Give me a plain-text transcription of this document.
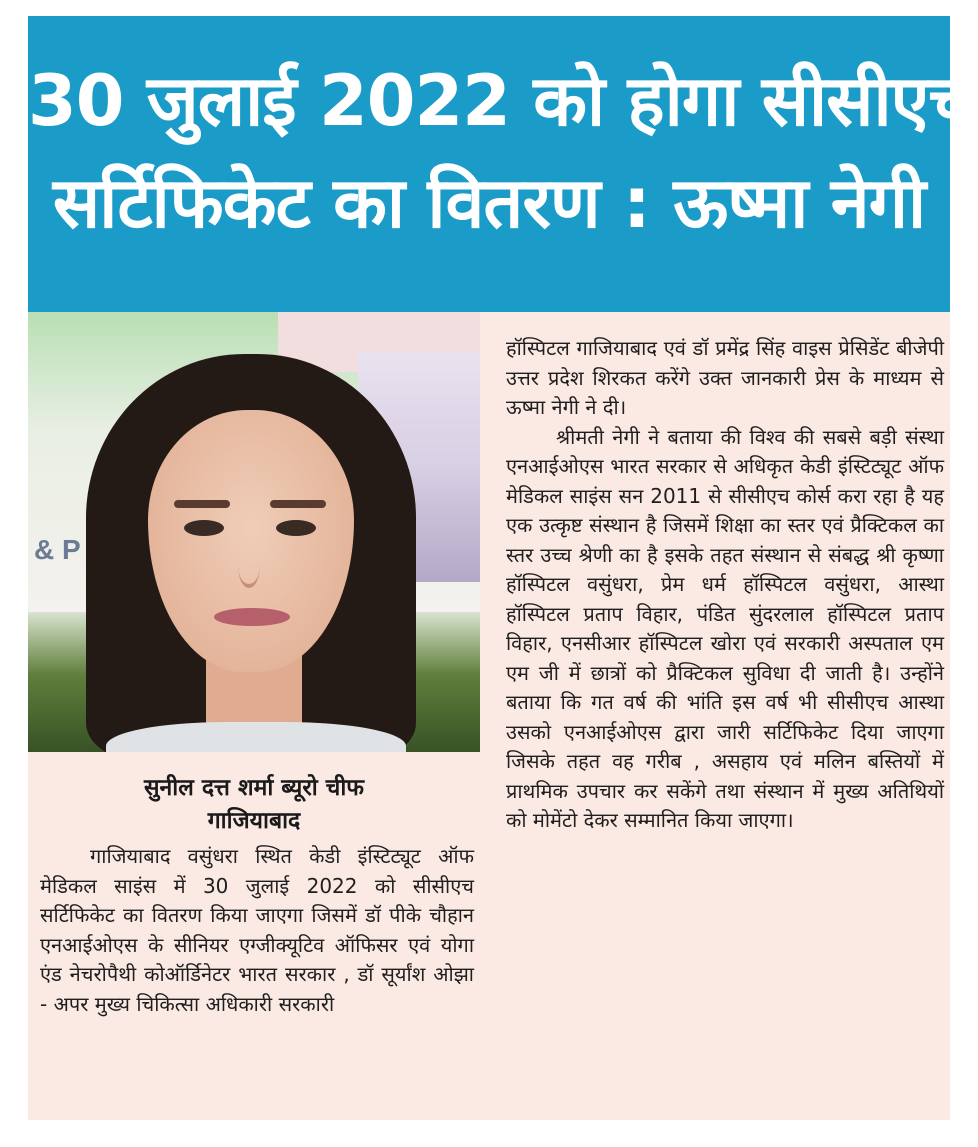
30 जुलाई 2022 को होगा सीसीएच
सर्टिफिकेट का वितरण : ऊष्मा नेगी
& P
सुनील दत्त शर्मा ब्यूरो चीफ
गाजियाबाद

गाजियाबाद वसुंधरा स्थित केडी इंस्टिट्यूट ऑफ मेडिकल साइंस में 30 जुलाई 2022 को सीसीएच सर्टिफिकेट का वितरण किया जाएगा जिसमें डॉ पीके चौहान एनआईओएस के सीनियर एग्जीक्यूटिव ऑफिसर एवं योगा एंड नेचरोपैथी कोऑर्डिनेटर भारत सरकार , डॉ सूर्यांश ओझा - अपर मुख्य चिकित्सा अधिकारी सरकारी

हॉस्पिटल गाजियाबाद एवं डॉ प्रमेंद्र सिंह वाइस प्रेसिडेंट बीजेपी उत्तर प्रदेश शिरकत करेंगे उक्त जानकारी प्रेस के माध्यम से ऊष्मा नेगी ने दी।

श्रीमती नेगी ने बताया की विश्व की सबसे बड़ी संस्था एनआईओएस भारत सरकार से अधिकृत केडी इंस्टिट्यूट ऑफ मेडिकल साइंस सन 2011 से सीसीएच कोर्स करा रहा है यह एक उत्कृष्ट संस्थान है जिसमें शिक्षा का स्तर एवं प्रैक्टिकल का स्तर उच्च श्रेणी का है इसके तहत संस्थान से संबद्ध श्री कृष्णा हॉस्पिटल वसुंधरा, प्रेम धर्म हॉस्पिटल वसुंधरा, आस्था हॉस्पिटल प्रताप विहार, पंडित सुंदरलाल हॉस्पिटल प्रताप विहार, एनसीआर हॉस्पिटल खोरा एवं सरकारी अस्पताल एम एम जी में छात्रों को प्रैक्टिकल सुविधा दी जाती है। उन्होंने बताया कि गत वर्ष की भांति इस वर्ष भी सीसीएच आस्था उसको एनआईओएस द्वारा जारी सर्टिफिकेट दिया जाएगा जिसके तहत वह गरीब , असहाय एवं मलिन बस्तियों में प्राथमिक उपचार कर सकेंगे तथा संस्थान में मुख्य अतिथियों को मोमेंटो देकर सम्मानित किया जाएगा।
